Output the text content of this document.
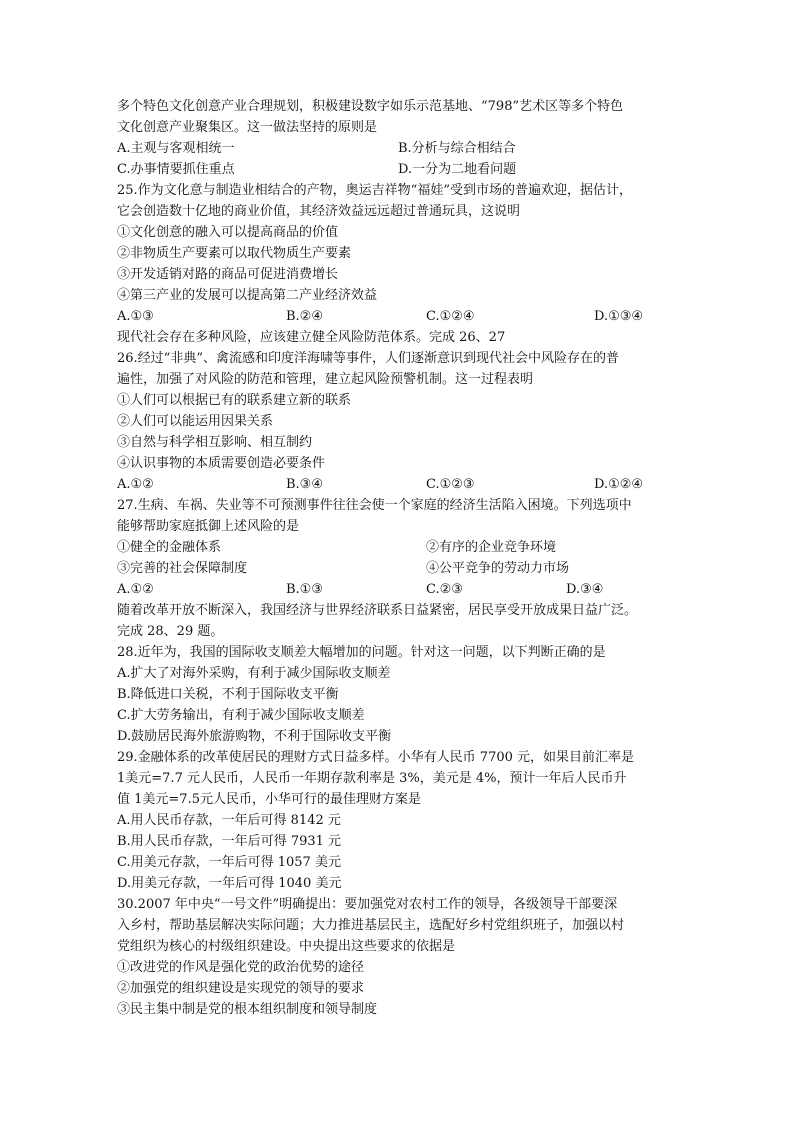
多个特色文化创意产业合理规划，积极建设数字如乐示范基地、“798”艺术区等多个特色
文化创意产业聚集区。这一做法坚持的原则是
A.主观与客观相统一	B.分析与综合相结合
C.办事情要抓住重点	D.一分为二地看问题
25.作为文化意与制造业相结合的产物，奥运吉祥物“福娃”受到市场的普遍欢迎，据估计，
它会创造数十亿地的商业价值，其经济效益远远超过普通玩具，这说明
①文化创意的融入可以提高商品的价值
②非物质生产要素可以取代物质生产要素
③开发适销对路的商品可促进消费增长
④第三产业的发展可以提高第二产业经济效益
A.①③	B.②④	C.①②④	D.①③④
现代社会存在多种风险，应该建立健全风险防范体系。完成 26、27
26.经过“非典”、禽流感和印度洋海啸等事件，人们逐渐意识到现代社会中风险存在的普
遍性，加强了对风险的防范和管理，建立起风险预警机制。这一过程表明
①人们可以根据已有的联系建立新的联系
②人们可以能运用因果关系
③自然与科学相互影响、相互制约
④认识事物的本质需要创造必要条件
A.①②	B.③④	C.①②③	D.①②④
27.生病、车祸、失业等不可预测事件往往会使一个家庭的经济生活陷入困境。下列选项中
能够帮助家庭抵御上述风险的是
①健全的金融体系	②有序的企业竞争环境
③完善的社会保障制度	④公平竞争的劳动力市场
A.①②	B.①③	C.②③	D.③④
随着改革开放不断深入，我国经济与世界经济联系日益紧密，居民享受开放成果日益广泛。
完成 28、29 题。
28.近年为，我国的国际收支顺差大幅增加的问题。针对这一问题，以下判断正确的是
A.扩大了对海外采购，有利于减少国际收支顺差
B.降低进口关税，不利于国际收支平衡
C.扩大劳务输出，有利于减少国际收支顺差
D.鼓励居民海外旅游购物，不利于国际收支平衡
29.金融体系的改革使居民的理财方式日益多样。小华有人民币 7700 元，如果目前汇率是
1美元=7.7 元人民币，人民币一年期存款利率是 3%，美元是 4%，预计一年后人民币升
值 1美元=7.5元人民币，小华可行的最佳理财方案是
A.用人民币存款，一年后可得 8142 元
B.用人民币存款，一年后可得 7931 元
C.用美元存款，一年后可得 1057 美元
D.用美元存款，一年后可得 1040 美元
30.2007 年中央“一号文件”明确提出：要加强党对农村工作的领导，各级领导干部要深
入乡村，帮助基层解决实际问题；大力推进基层民主，选配好乡村党组织班子，加强以村
党组织为核心的村级组织建设。中央提出这些要求的依据是
①改进党的作风是强化党的政治优势的途径
②加强党的组织建设是实现党的领导的要求
③民主集中制是党的根本组织制度和领导制度
